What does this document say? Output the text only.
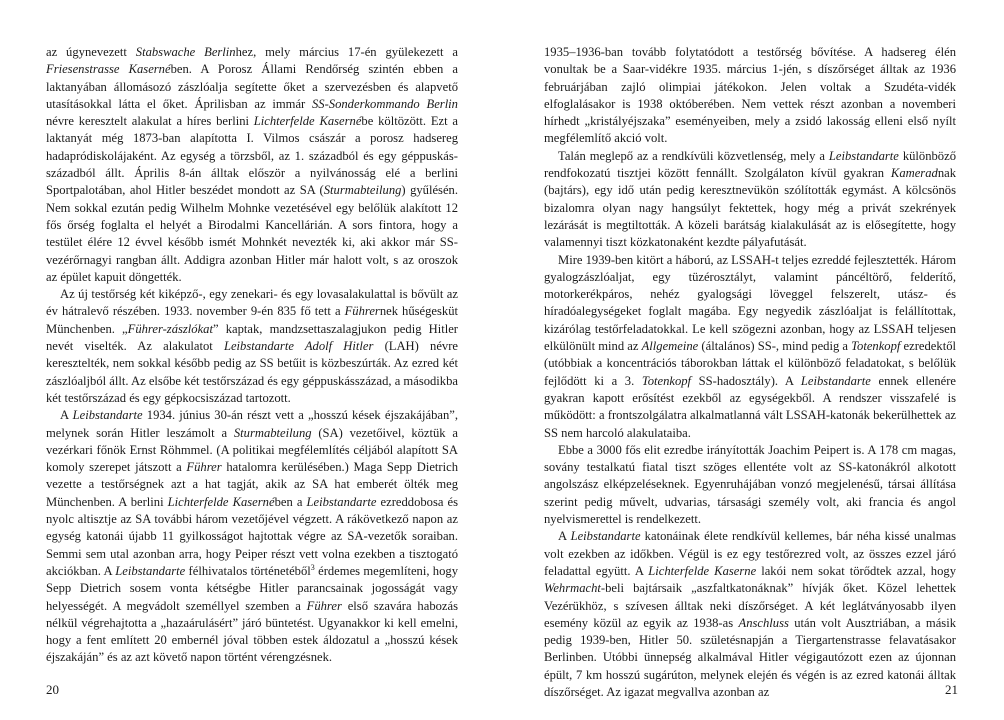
az úgynevezett Stabswache Berlinhez, mely március 17-én gyülekezett a Friesenstrasse Kasernében. A Porosz Állami Rendőrség szintén ebben a laktanyában állomásozó zászlóalja segítette őket a szervezésben és alapvető utasításokkal látta el őket. Áprilisban az immár SS-Sonderkommando Berlin névre keresztelt alakulat a híres berlini Lichterfelde Kasernébe költözött. Ezt a laktanyát még 1873-ban alapította I. Vilmos császár a porosz hadsereg hadapródiskolájaként. Az egység a törzsből, az 1. századból és egy géppuskásszázadból állt. Április 8-án álltak először a nyilvánosság elé a berlini Sportpalotában, ahol Hitler beszédet mondott az SA (Sturmabteilung) gyűlésén. Nem sokkal ezután pedig Wilhelm Mohnke vezetésével egy belőlük alakított 12 fős őrség foglalta el helyét a Birodalmi Kancellárián. A sors fintora, hogy a testület élére 12 évvel később ismét Mohnkét nevezték ki, aki akkor már SS-vezérőrnagyi rangban állt. Addigra azonban Hitler már halott volt, s az oroszok az épület kapuit döngették.

Az új testőrség két kiképző-, egy zenekari- és egy lovasalakulattal is bővült az év hátralevő részében. 1933. november 9-én 835 fő tett a Führernek hűségesküt Münchenben. „Führer-zászlókat” kaptak, mandzsettaszalagjukon pedig Hitler nevét viselték. Az alakulatot Leibstandarte Adolf Hitler (LAH) névre keresztelték, nem sokkal később pedig az SS betűit is közbeszúrták. Az ezred két zászlóaljból állt. Az elsőbe két testőrszázad és egy géppuskásszázad, a másodikba két testőrszázad és egy gépkocsiszázad tartozott.

A Leibstandarte 1934. június 30-án részt vett a „hosszú kések éjszakájában”, melynek során Hitler leszámolt a Sturmabteilung (SA) vezetőivel, köztük a vezérkari főnök Ernst Röhmmel. (A politikai megfélemlítés céljából alapított SA komoly szerepet játszott a Führer hatalomra kerülésében.) Maga Sepp Dietrich vezette a testőrségnek azt a hat tagját, akik az SA hat emberét ölték meg Münchenben. A berlini Lichterfelde Kasernében a Leibstandarte ezreddobosa és nyolc altisztje az SA további három vezetőjével végzett. A rákövetkező napon az egység katonái újabb 11 gyilkosságot hajtottak végre az SA-vezetők soraiban. Semmi sem utal azonban arra, hogy Peiper részt vett volna ezekben a tisztogató akciókban. A Leibstandarte félhivatalos történetéből$^3$ érdemes megemlíteni, hogy Sepp Dietrich sosem vonta kétségbe Hitler parancsainak jogosságát vagy helyességét. A megvádolt személlyel szemben a Führer első szavára habozás nélkül végrehajtotta a „hazaárulásért” járó büntetést. Ugyanakkor ki kell emelni, hogy a fent említett 20 embernél jóval többen estek áldozatul a „hosszú kések éjszakáján” és az azt követő napon történt vérengzésnek.

20

1935–1936-ban tovább folytatódott a testőrség bővítése. A hadsereg élén vonultak be a Saar-vidékre 1935. március 1-jén, s díszőrséget álltak az 1936 februárjában zajló olimpiai játékokon. Jelen voltak a Szudéta-vidék elfoglalásakor is 1938 októberében. Nem vettek részt azonban a novemberi hírhedt „kristályéjszaka” eseményeiben, mely a zsidó lakosság elleni első nyílt megfélemlítő akció volt.

Talán meglepő az a rendkívüli közvetlenség, mely a Leibstandarte különböző rendfokozatú tisztjei között fennállt. Szolgálaton kívül gyakran Kameradnak (bajtárs), egy idő után pedig keresztnevükön szólították egymást. A kölcsönös bizalomra olyan nagy hangsúlyt fektettek, hogy még a privát szekrények lezárását is megtiltották. A közeli barátság kialakulását az is elősegítette, hogy valamennyi tiszt közkatonaként kezdte pályafutását.

Mire 1939-ben kitört a háború, az LSSAH-t teljes ezreddé fejlesztették. Három gyalogzászlóaljat, egy tüzérosztályt, valamint páncéltörő, felderítő, motorkerékpáros, nehéz gyalogsági löveggel felszerelt, utász- és híradóalegységeket foglalt magába. Egy negyedik zászlóaljat is felállítottak, kizárólag testőrfeladatokkal. Le kell szögezni azonban, hogy az LSSAH teljesen elkülönült mind az Allgemeine (általános) SS-, mind pedig a Totenkopf ezredektől (utóbbiak a koncentrációs táborokban láttak el különböző feladatokat, s belőlük fejlődött ki a 3. Totenkopf SS-hadosztály). A Leibstandarte ennek ellenére gyakran kapott erősítést ezekből az egységekből. A rendszer visszafelé is működött: a frontszolgálatra alkalmatlanná vált LSSAH-katonák bekerülhettek az SS nem harcoló alakulataiba.

Ebbe a 3000 fős elit ezredbe irányították Joachim Peipert is. A 178 cm magas, sovány testalkatú fiatal tiszt szöges ellentéte volt az SS-katonákról alkotott angolszász elképzeléseknek. Egyenruhájában vonzó megjelenésű, társai állítása szerint pedig művelt, udvarias, társasági személy volt, aki francia és angol nyelvismerettel is rendelkezett.

A Leibstandarte katonáinak élete rendkívül kellemes, bár néha kissé unalmas volt ezekben az időkben. Végül is ez egy testőrezred volt, az összes ezzel járó feladattal együtt. A Lichterfelde Kaserne lakói nem sokat törődtek azzal, hogy Wehrmacht-beli bajtársaik „aszfaltkatonáknak” hívják őket. Közel lehettek Vezérükhöz, s szívesen álltak neki díszőrséget. A két leglátványosabb ilyen esemény közül az egyik az 1938-as Anschluss után volt Ausztriában, a másik pedig 1939-ben, Hitler 50. születésnapján a Tiergartenstrasse felavatásakor Berlinben. Utóbbi ünnepség alkalmával Hitler végigautózott ezen az újonnan épült, 7 km hosszú sugárúton, melynek elején és végén is az ezred katonái álltak díszőrséget. Az igazat megvallva azonban az	21
